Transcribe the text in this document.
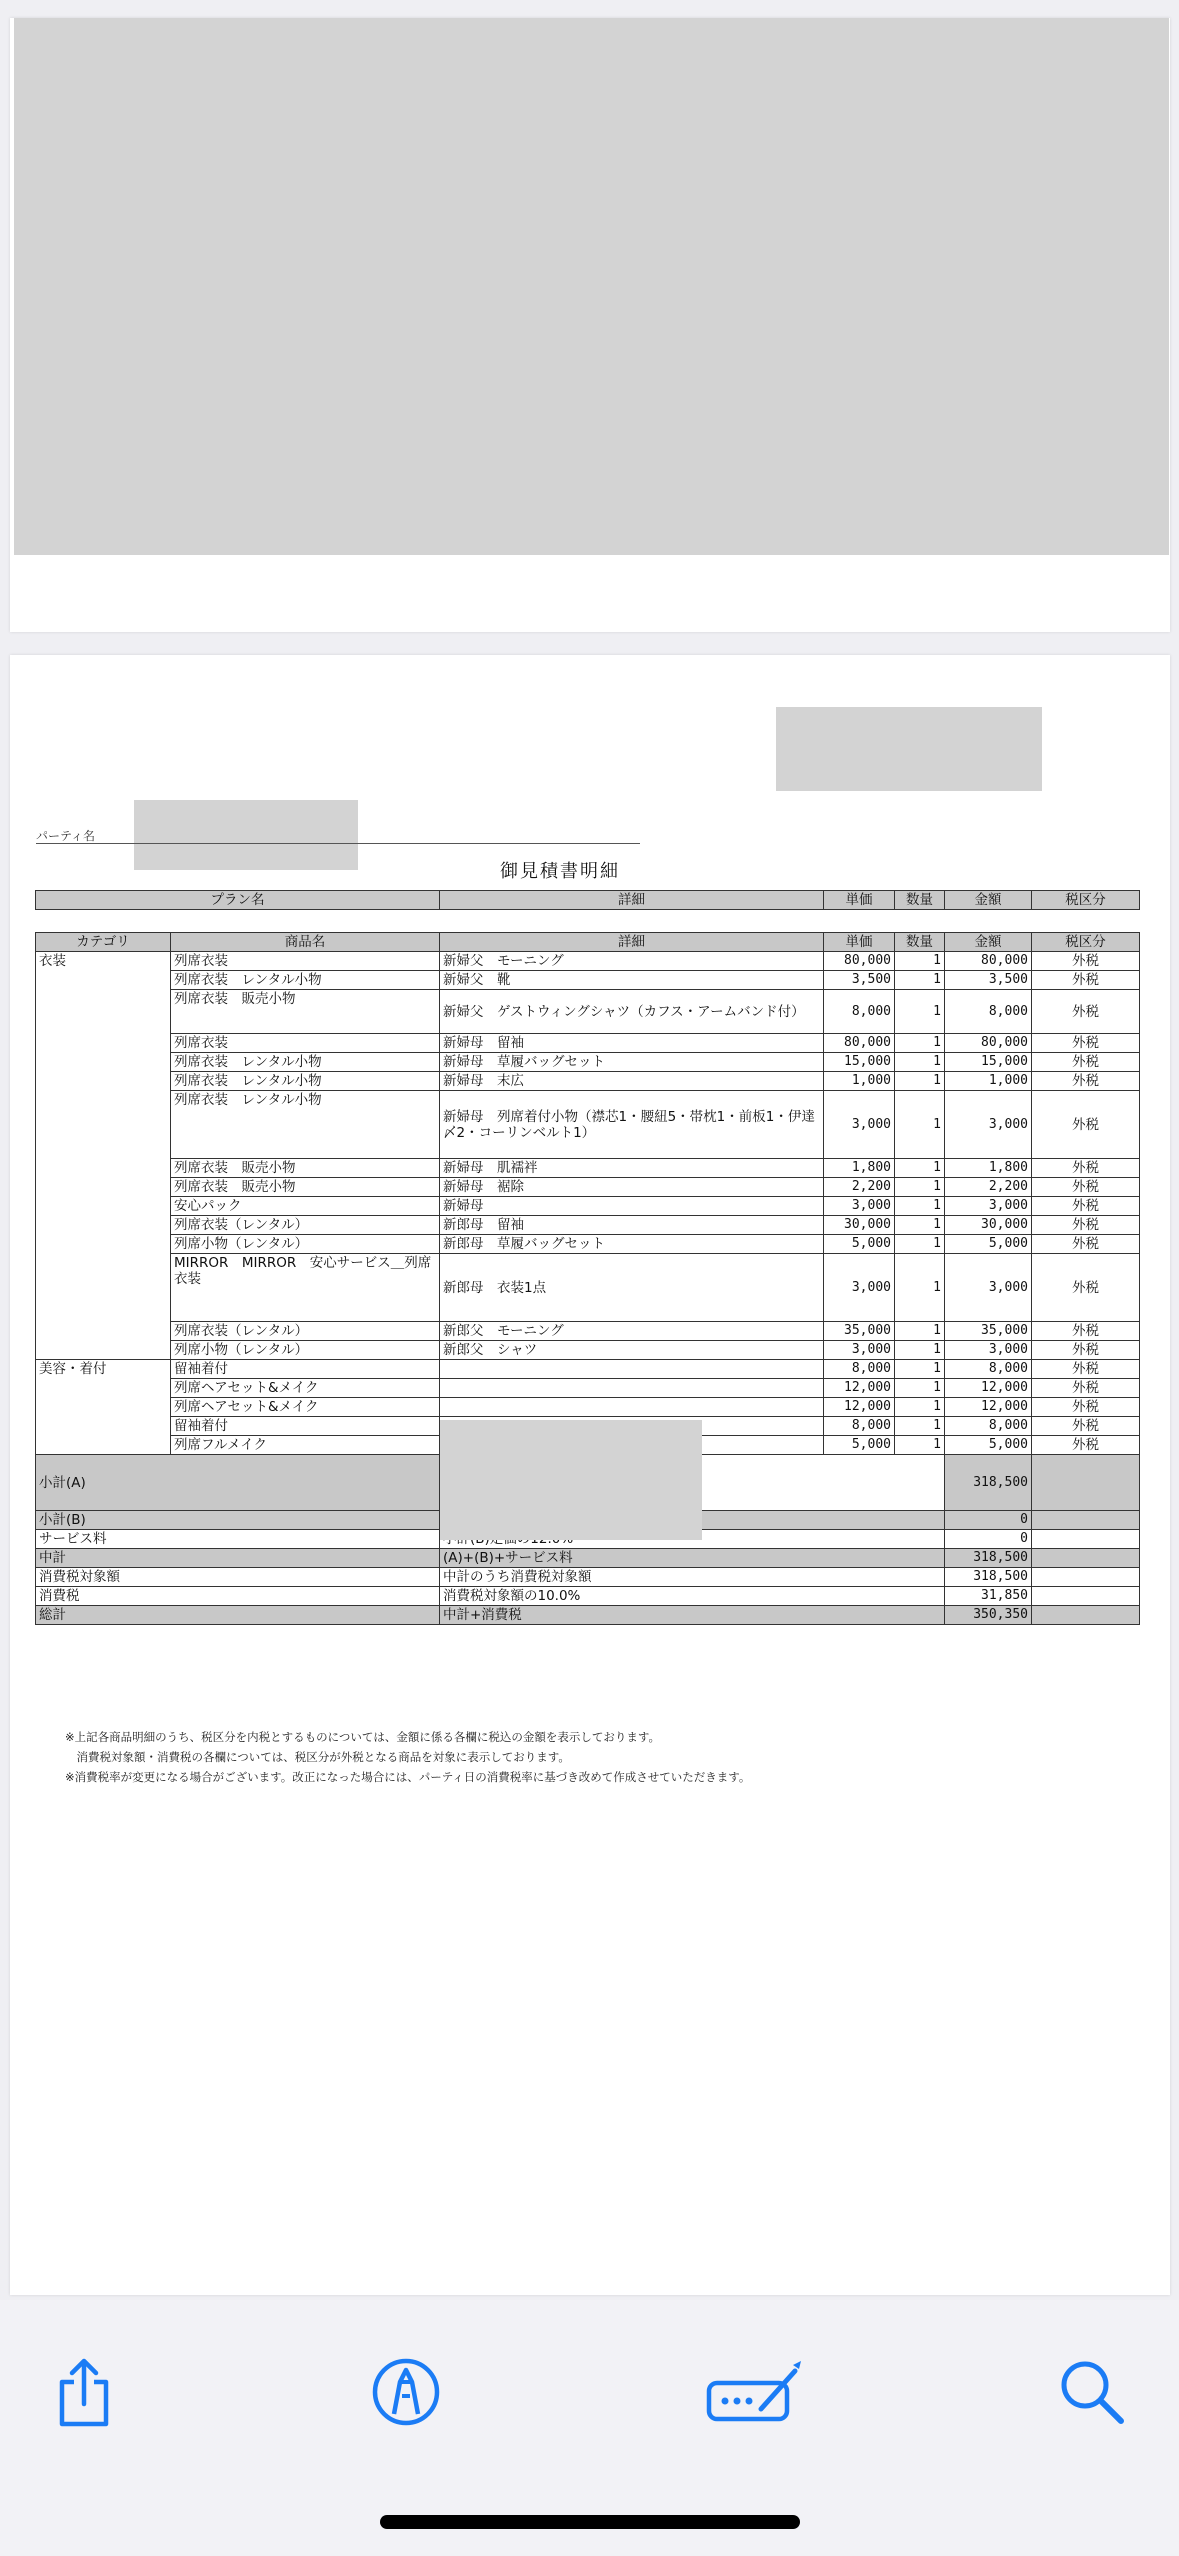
パーティ名
御見積書明細
プラン名	詳細	単価	数量	金額	税区分
カテゴリ	商品名	詳細	単価	数量	金額	税区分
衣装	列席衣装	新婦父　モーニング	80,000	1	80,000	外税
	列席衣装　レンタル小物	新婦父　靴	3,500	1	3,500	外税
	列席衣装　販売小物	新婦父　ゲストウィングシャツ（カフス・アームバンド付）	8,000	1	8,000	外税
	列席衣装	新婦母　留袖	80,000	1	80,000	外税
	列席衣装　レンタル小物	新婦母　草履バッグセット	15,000	1	15,000	外税
	列席衣装　レンタル小物	新婦母　末広	1,000	1	1,000	外税
	列席衣装　レンタル小物	新婦母　列席着付小物（襟芯1・腰紐5・帯枕1・前板1・伊達〆2・コーリンベルト1）	3,000	1	3,000	外税
	列席衣装　販売小物	新婦母　肌襦袢	1,800	1	1,800	外税
	列席衣装　販売小物	新婦母　裾除	2,200	1	2,200	外税
	安心パック	新婦母	3,000	1	3,000	外税
	列席衣装（レンタル）	新郎母　留袖	30,000	1	30,000	外税
	列席小物（レンタル）	新郎母　草履バッグセット	5,000	1	5,000	外税
	MIRROR　MIRROR　安心サービス＿列席衣装	新郎母　衣装1点	3,000	1	3,000	外税
	列席衣装（レンタル）	新郎父　モーニング	35,000	1	35,000	外税
	列席小物（レンタル）	新郎父　シャツ	3,000	1	3,000	外税
美容・着付	留袖着付		8,000	1	8,000	外税
	列席ヘアセット&メイク		12,000	1	12,000	外税
	列席ヘアセット&メイク		12,000	1	12,000	外税
	留袖着付		8,000	1	8,000	外税
	列席フルメイク		5,000	1	5,000	外税
小計(A)					318,500	
小計(B)					0	
サービス料					0	
中計		(A)+(B)+サービス料			318,500	
消費税対象額		中計のうち消費税対象額			318,500	
消費税		消費税対象額の10.0%			31,850	
総計		中計+消費税			350,350	
※上記各商品明細のうち、税区分を内税とするものについては、金額に係る各欄に税込の金額を表示しております。
　消費税対象額・消費税の各欄については、税区分が外税となる商品を対象に表示しております。
※消費税率が変更になる場合がございます。改正になった場合には、パーティ日の消費税率に基づき改めて作成させていただきます。
